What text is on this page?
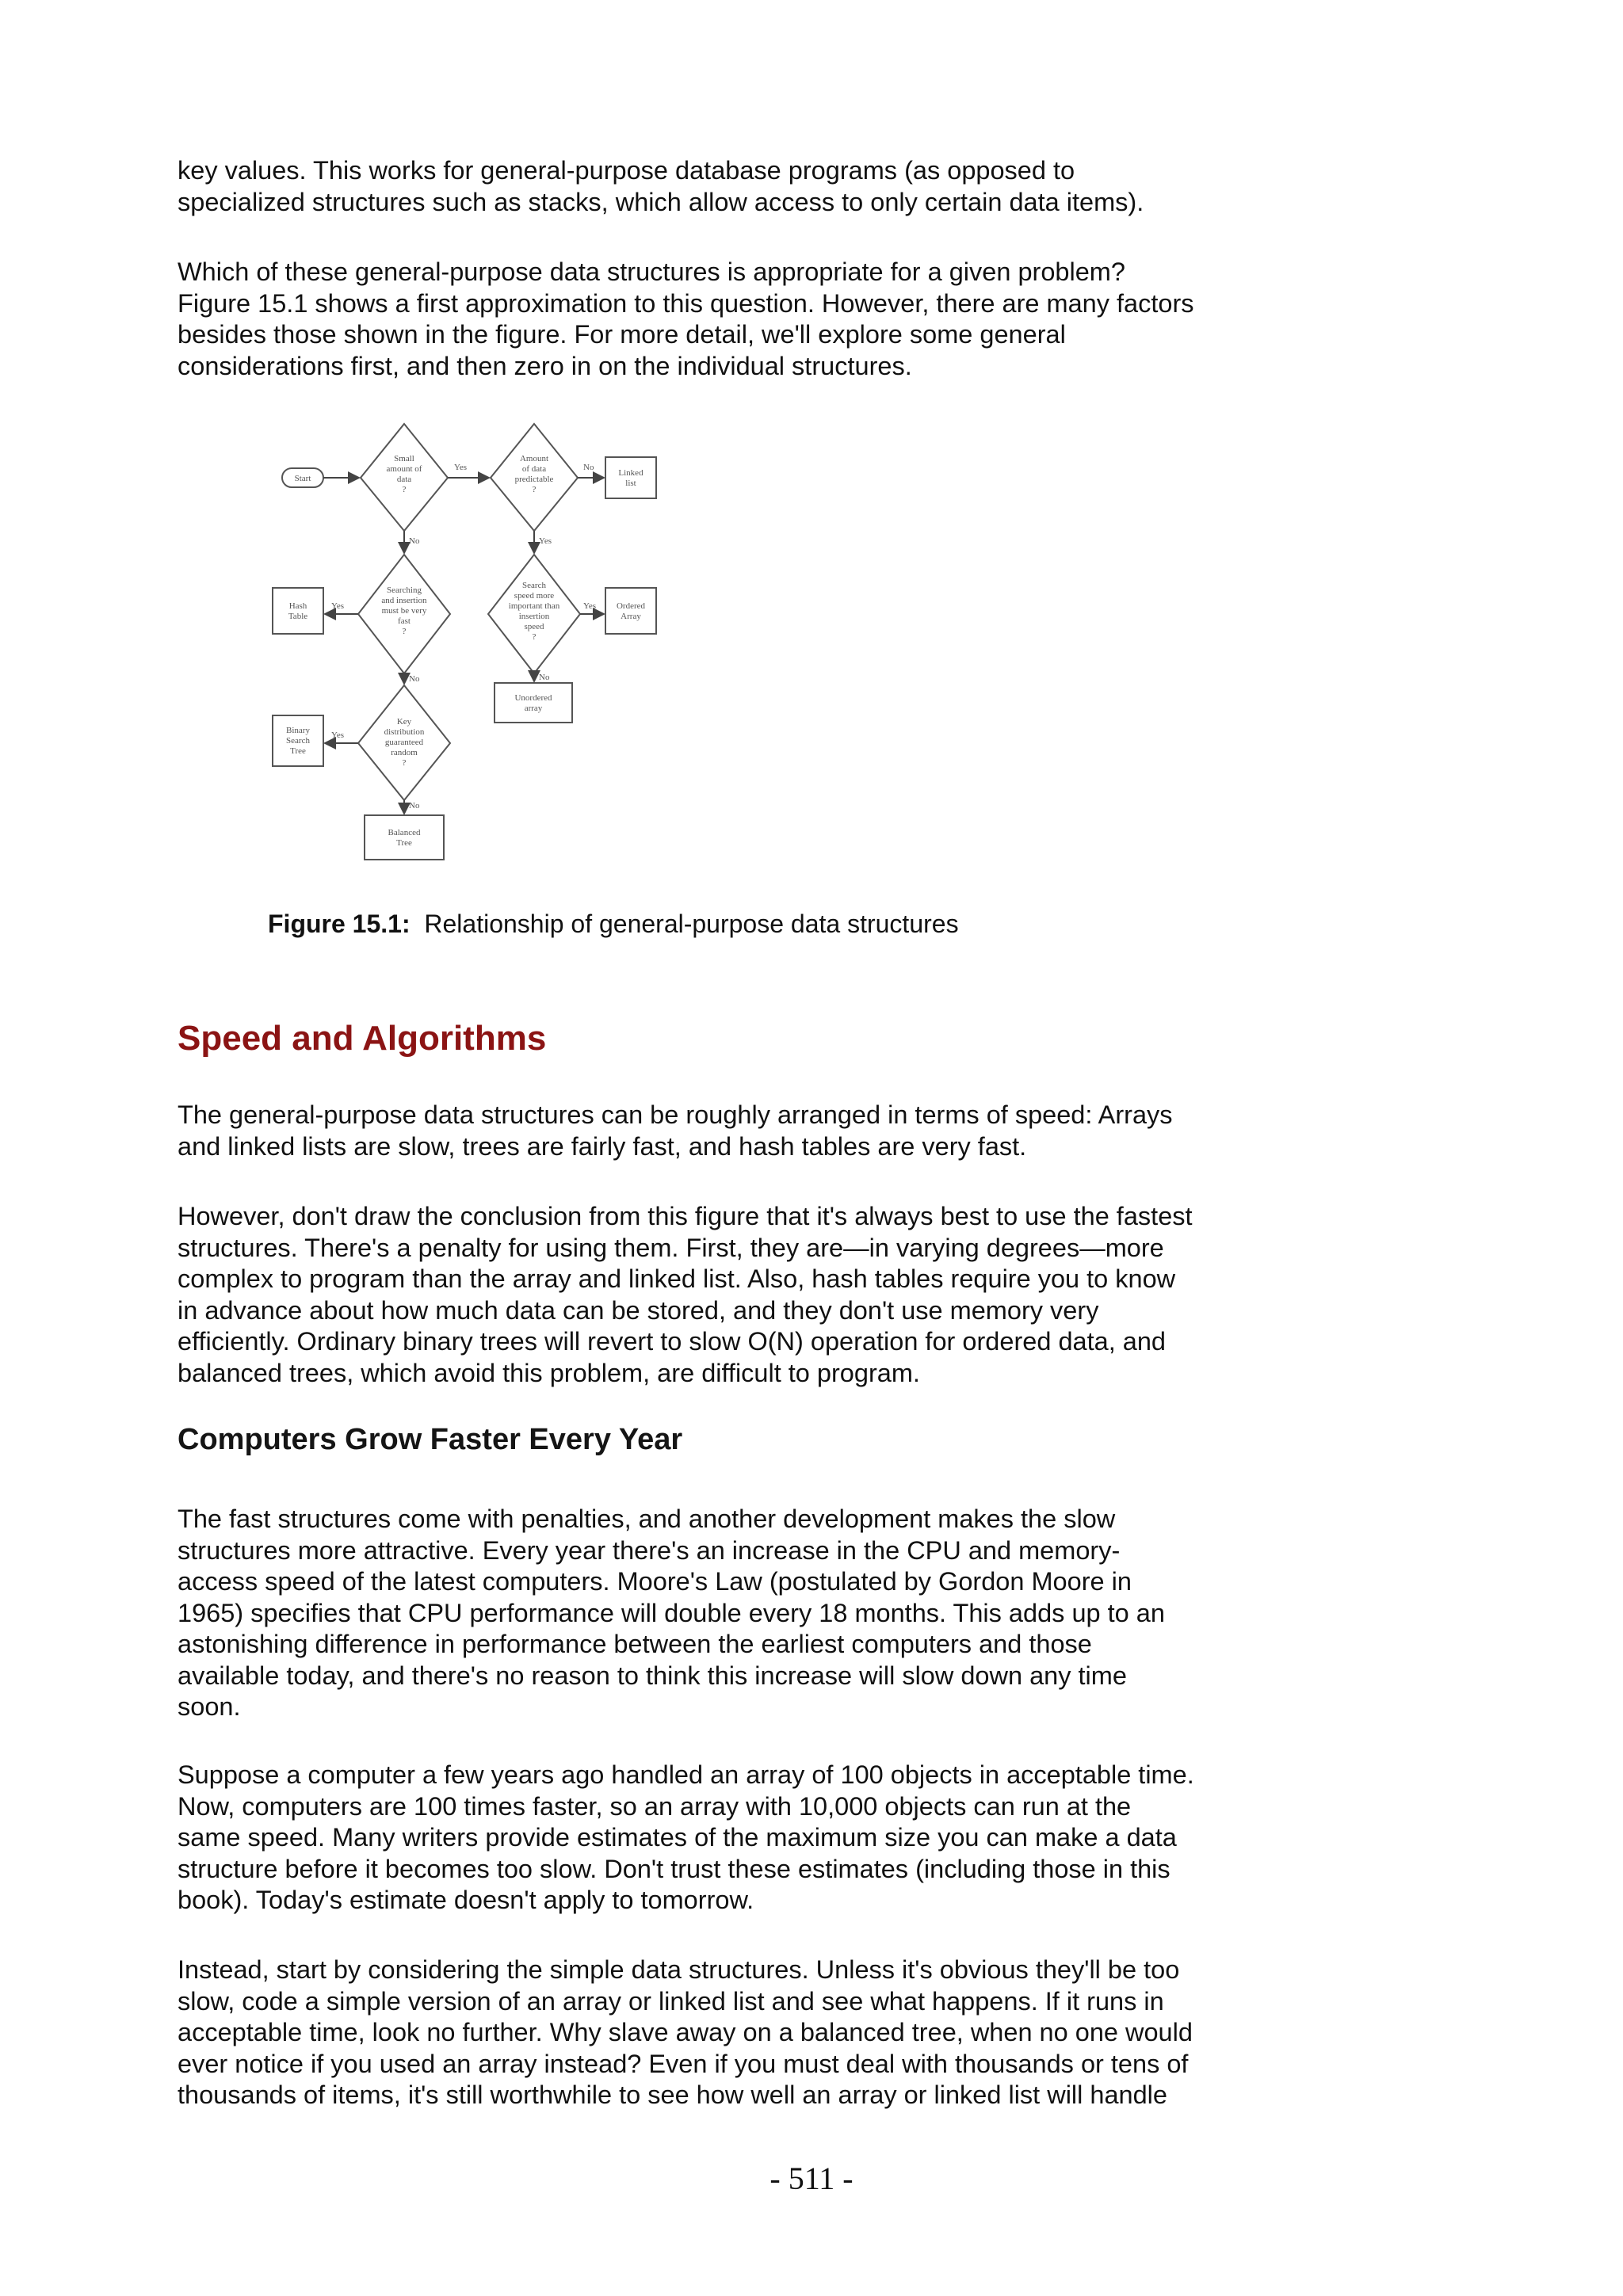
key values. This works for general-purpose database programs (as opposed to
specialized structures such as stacks, which allow access to only certain data items).

Which of these general-purpose data structures is appropriate for a given problem?
Figure 15.1 shows a first approximation to this question. However, there are many factors
besides those shown in the figure. For more detail, we'll explore some general
considerations first, and then zero in on the individual structures.

Start
Small
amount of
data
?
Amount
of data
predictable
?
Searching
and insertion
must be very
fast
?
Search
speed more
important than
insertion
speed
?
Key
distribution
guaranteed
random
?
Linked
list
Hash
Table
Ordered
Array
Unordered
array
Binary
Search
Tree
Balanced
Tree
Yes	No
No	Yes
Yes	Yes
No	No
Yes
No

Figure 15.1: Relationship of general-purpose data structures

Speed and Algorithms

The general-purpose data structures can be roughly arranged in terms of speed: Arrays
and linked lists are slow, trees are fairly fast, and hash tables are very fast.

However, don't draw the conclusion from this figure that it's always best to use the fastest
structures. There's a penalty for using them. First, they are—in varying degrees—more
complex to program than the array and linked list. Also, hash tables require you to know
in advance about how much data can be stored, and they don't use memory very
efficiently. Ordinary binary trees will revert to slow O(N) operation for ordered data, and
balanced trees, which avoid this problem, are difficult to program.

Computers Grow Faster Every Year

The fast structures come with penalties, and another development makes the slow
structures more attractive. Every year there's an increase in the CPU and memory-
access speed of the latest computers. Moore's Law (postulated by Gordon Moore in
1965) specifies that CPU performance will double every 18 months. This adds up to an
astonishing difference in performance between the earliest computers and those
available today, and there's no reason to think this increase will slow down any time
soon.

Suppose a computer a few years ago handled an array of 100 objects in acceptable time.
Now, computers are 100 times faster, so an array with 10,000 objects can run at the
same speed. Many writers provide estimates of the maximum size you can make a data
structure before it becomes too slow. Don't trust these estimates (including those in this
book). Today's estimate doesn't apply to tomorrow.

Instead, start by considering the simple data structures. Unless it's obvious they'll be too
slow, code a simple version of an array or linked list and see what happens. If it runs in
acceptable time, look no further. Why slave away on a balanced tree, when no one would
ever notice if you used an array instead? Even if you must deal with thousands or tens of
thousands of items, it's still worthwhile to see how well an array or linked list will handle

- 511 -
